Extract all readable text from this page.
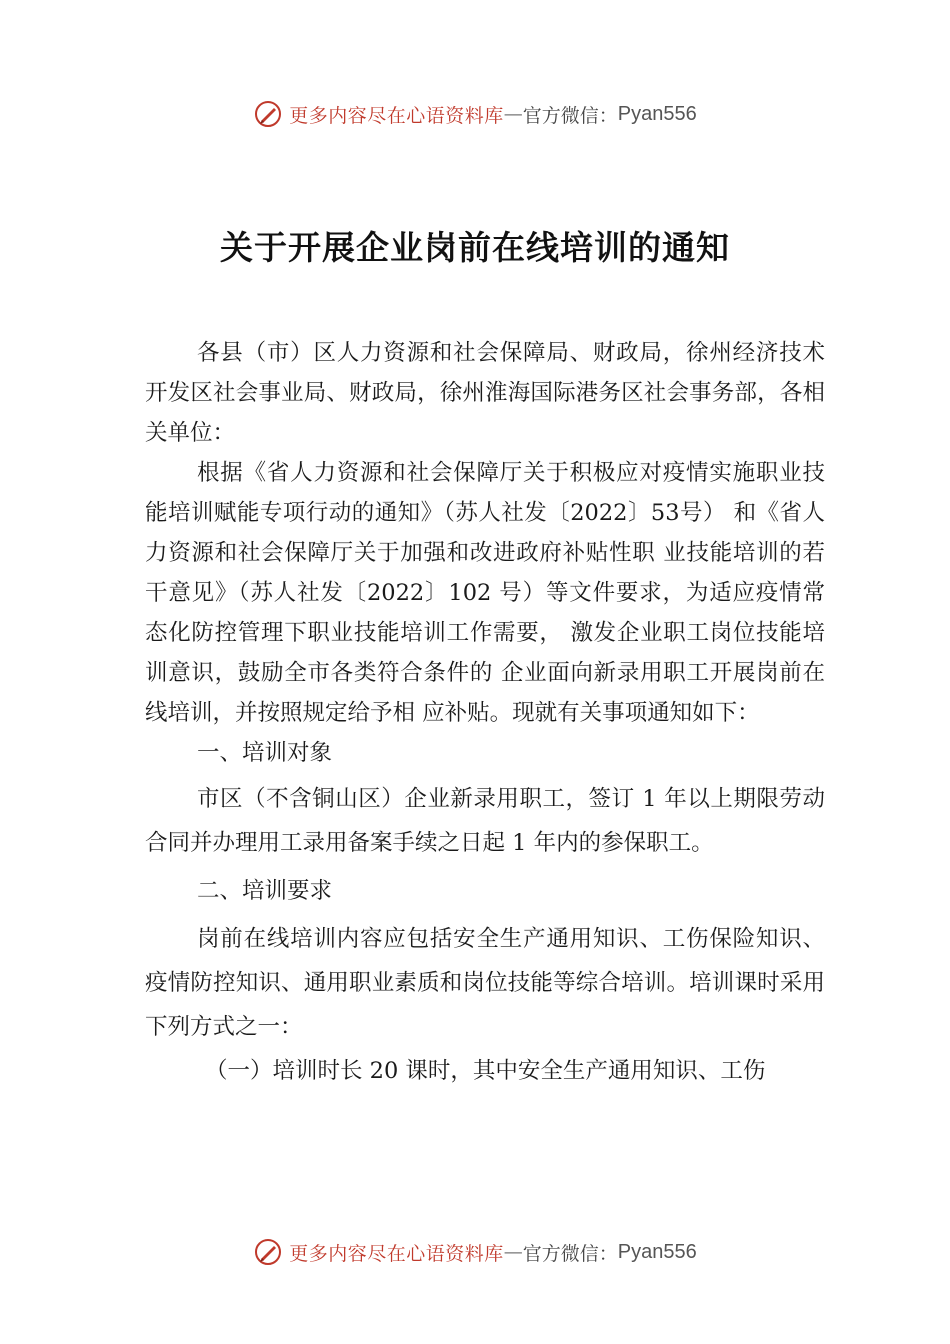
更多内容尽在心语资料库 — 官方微信： Pyan556
关于开展企业岗前在线培训的通知

各县（市）区人力资源和社会保障局、财政局，徐州经济技术开发区社会事业局、财政局，徐州淮海国际港务区社会事务部，各相关单位：

根据《省人力资源和社会保障厅关于积极应对疫情实施职业技能培训赋能专项行动的通知》（苏人社发〔2022〕53号） 和《省人力资源和社会保障厅关于加强和改进政府补贴性职 业技能培训的若干意见》（苏人社发〔2022〕102 号）等文件要求，为适应疫情常态化防控管理下职业技能培训工作需要， 激发企业职工岗位技能培训意识，鼓励全市各类符合条件的 企业面向新录用职工开展岗前在线培训，并按照规定给予相 应补贴。现就有关事项通知如下：

一、培训对象

市区（不含铜山区）企业新录用职工，签订 1 年以上期限劳动合同并办理用工录用备案手续之日起 1 年内的参保职工。

二、培训要求

岗前在线培训内容应包括安全生产通用知识、工伤保险知识、疫情防控知识、通用职业素质和岗位技能等综合培训。培训课时采用下列方式之一：

（一）培训时长 20 课时，其中安全生产通用知识、工伤

更多内容尽在心语资料库 — 官方微信： Pyan556
